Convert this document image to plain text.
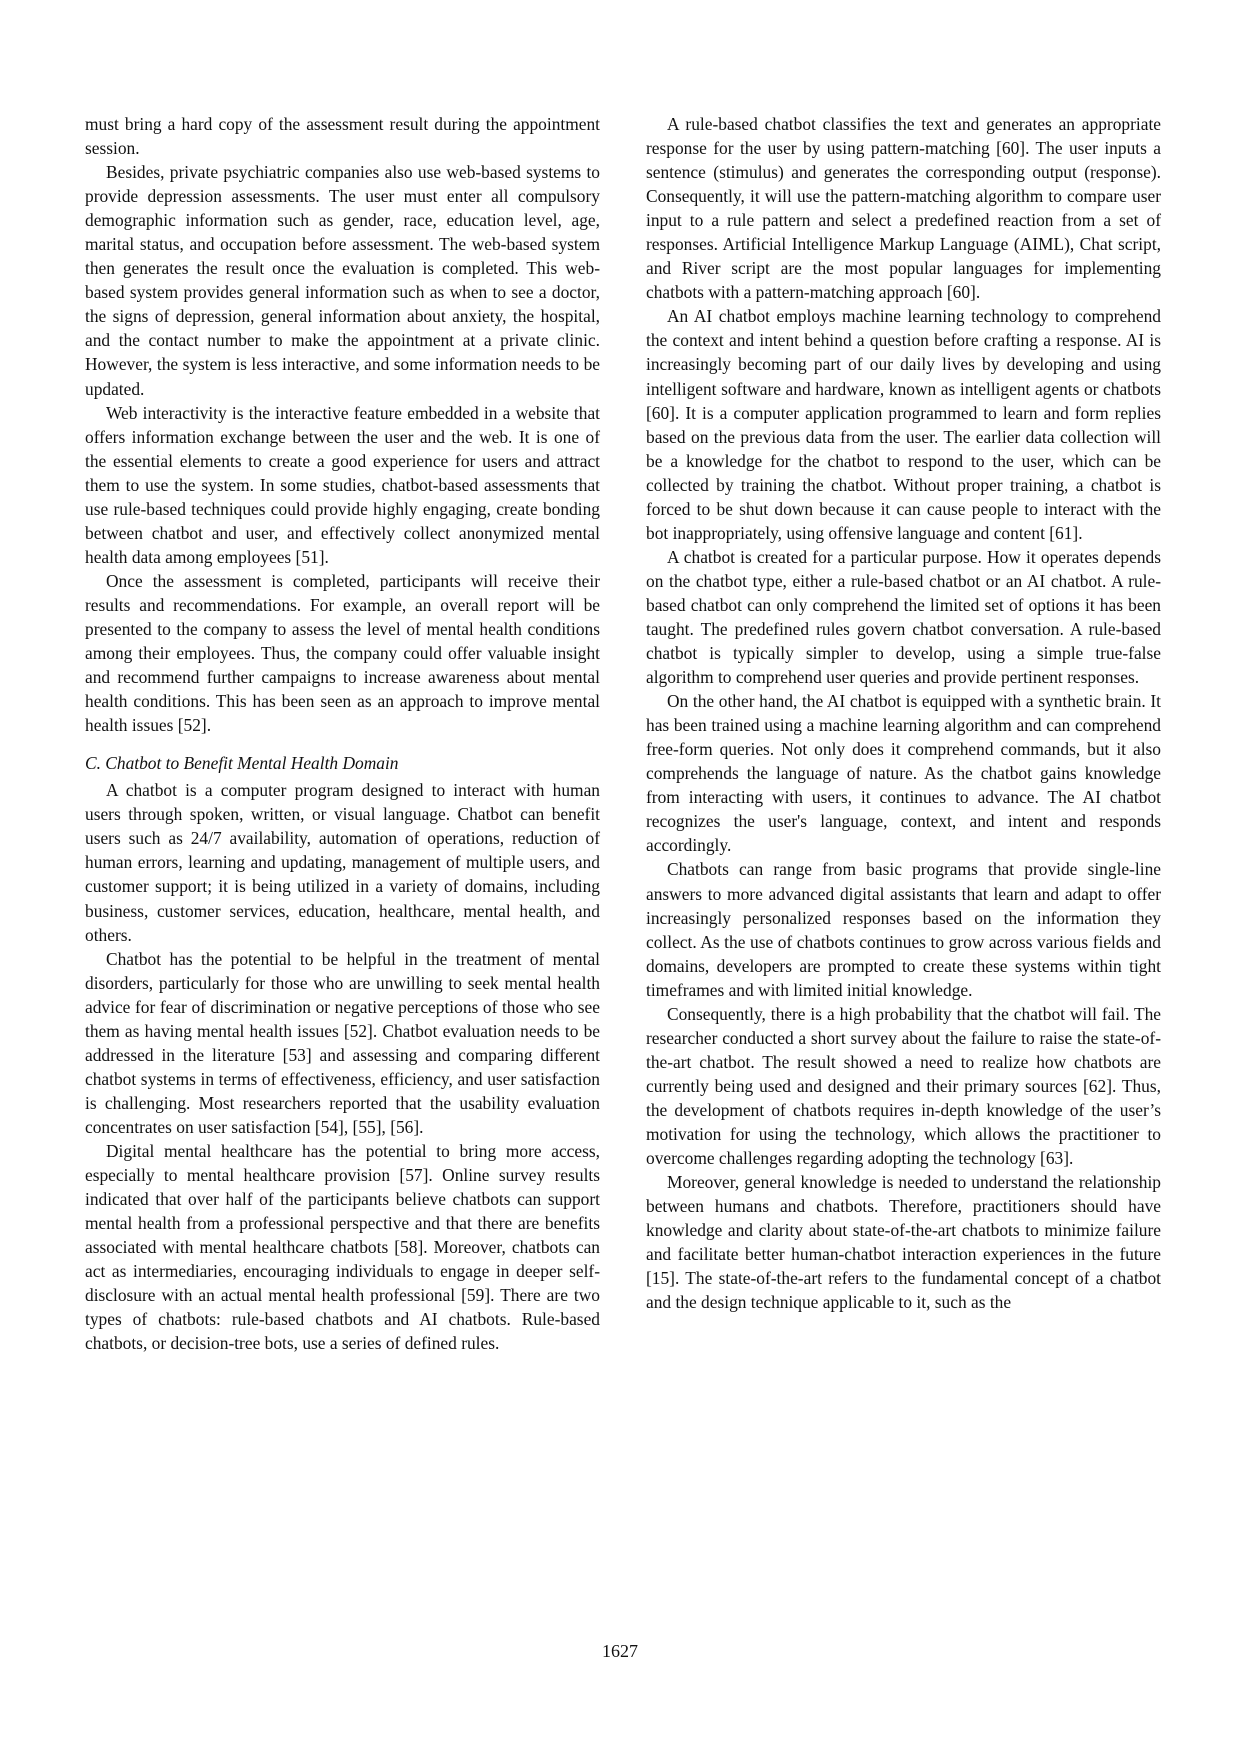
must bring a hard copy of the assessment result during the appointment session.

Besides, private psychiatric companies also use web-based systems to provide depression assessments. The user must enter all compulsory demographic information such as gender, race, education level, age, marital status, and occupation before assessment. The web-based system then generates the result once the evaluation is completed. This web-based system provides general information such as when to see a doctor, the signs of depression, general information about anxiety, the hospital, and the contact number to make the appointment at a private clinic. However, the system is less interactive, and some information needs to be updated.

Web interactivity is the interactive feature embedded in a website that offers information exchange between the user and the web. It is one of the essential elements to create a good experience for users and attract them to use the system. In some studies, chatbot-based assessments that use rule-based techniques could provide highly engaging, create bonding between chatbot and user, and effectively collect anonymized mental health data among employees [51].

Once the assessment is completed, participants will receive their results and recommendations. For example, an overall report will be presented to the company to assess the level of mental health conditions among their employees. Thus, the company could offer valuable insight and recommend further campaigns to increase awareness about mental health conditions. This has been seen as an approach to improve mental health issues [52].

C. Chatbot to Benefit Mental Health Domain

A chatbot is a computer program designed to interact with human users through spoken, written, or visual language. Chatbot can benefit users such as 24/7 availability, automation of operations, reduction of human errors, learning and updating, management of multiple users, and customer support; it is being utilized in a variety of domains, including business, customer services, education, healthcare, mental health, and others.

Chatbot has the potential to be helpful in the treatment of mental disorders, particularly for those who are unwilling to seek mental health advice for fear of discrimination or negative perceptions of those who see them as having mental health issues [52]. Chatbot evaluation needs to be addressed in the literature [53] and assessing and comparing different chatbot systems in terms of effectiveness, efficiency, and user satisfaction is challenging. Most researchers reported that the usability evaluation concentrates on user satisfaction [54], [55], [56].

Digital mental healthcare has the potential to bring more access, especially to mental healthcare provision [57]. Online survey results indicated that over half of the participants believe chatbots can support mental health from a professional perspective and that there are benefits associated with mental healthcare chatbots [58]. Moreover, chatbots can act as intermediaries, encouraging individuals to engage in deeper self-disclosure with an actual mental health professional [59]. There are two types of chatbots: rule-based chatbots and AI chatbots. Rule-based chatbots, or decision-tree bots, use a series of defined rules.

A rule-based chatbot classifies the text and generates an appropriate response for the user by using pattern-matching [60]. The user inputs a sentence (stimulus) and generates the corresponding output (response). Consequently, it will use the pattern-matching algorithm to compare user input to a rule pattern and select a predefined reaction from a set of responses. Artificial Intelligence Markup Language (AIML), Chat script, and River script are the most popular languages for implementing chatbots with a pattern-matching approach [60].

An AI chatbot employs machine learning technology to comprehend the context and intent behind a question before crafting a response. AI is increasingly becoming part of our daily lives by developing and using intelligent software and hardware, known as intelligent agents or chatbots [60]. It is a computer application programmed to learn and form replies based on the previous data from the user. The earlier data collection will be a knowledge for the chatbot to respond to the user, which can be collected by training the chatbot. Without proper training, a chatbot is forced to be shut down because it can cause people to interact with the bot inappropriately, using offensive language and content [61].

A chatbot is created for a particular purpose. How it operates depends on the chatbot type, either a rule-based chatbot or an AI chatbot. A rule-based chatbot can only comprehend the limited set of options it has been taught. The predefined rules govern chatbot conversation. A rule-based chatbot is typically simpler to develop, using a simple true-false algorithm to comprehend user queries and provide pertinent responses.

On the other hand, the AI chatbot is equipped with a synthetic brain. It has been trained using a machine learning algorithm and can comprehend free-form queries. Not only does it comprehend commands, but it also comprehends the language of nature. As the chatbot gains knowledge from interacting with users, it continues to advance. The AI chatbot recognizes the user's language, context, and intent and responds accordingly.

Chatbots can range from basic programs that provide single-line answers to more advanced digital assistants that learn and adapt to offer increasingly personalized responses based on the information they collect. As the use of chatbots continues to grow across various fields and domains, developers are prompted to create these systems within tight timeframes and with limited initial knowledge.

Consequently, there is a high probability that the chatbot will fail. The researcher conducted a short survey about the failure to raise the state-of-the-art chatbot. The result showed a need to realize how chatbots are currently being used and designed and their primary sources [62]. Thus, the development of chatbots requires in-depth knowledge of the user’s motivation for using the technology, which allows the practitioner to overcome challenges regarding adopting the technology [63].

Moreover, general knowledge is needed to understand the relationship between humans and chatbots. Therefore, practitioners should have knowledge and clarity about state-of-the-art chatbots to minimize failure and facilitate better human-chatbot interaction experiences in the future [15]. The state-of-the-art refers to the fundamental concept of a chatbot and the design technique applicable to it, such as the

1627
